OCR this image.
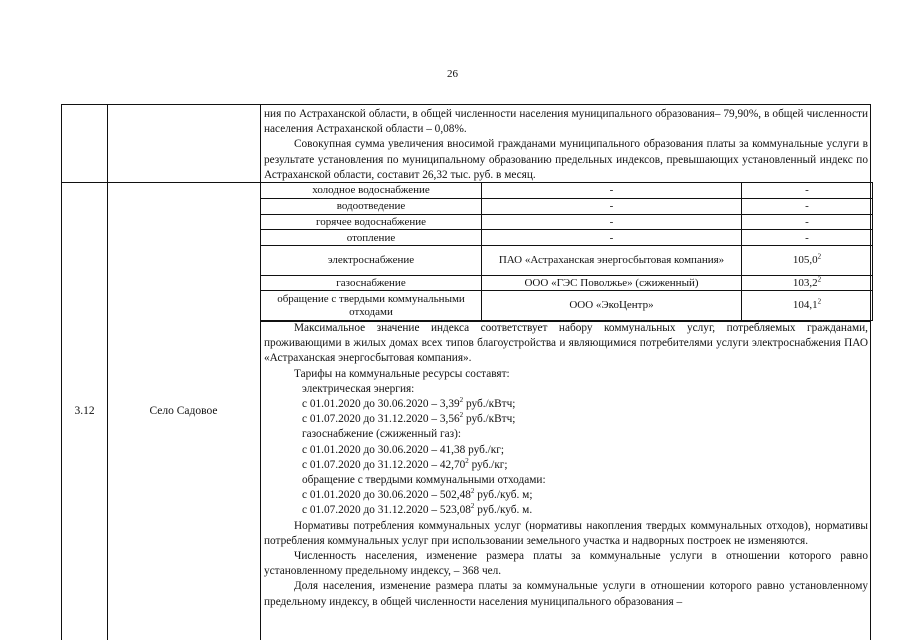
26
ния по Астраханской области, в общей численности населения муниципального образования– 79,90%, в общей численности населения Астраханской области – 0,08%.
Совокупная сумма увеличения вносимой гражданами муниципального образования платы за коммунальные услуги в результате установления по муниципальному образованию предельных индексов, превышающих установленный индекс по Астраханской области, составит 26,32 тыс. руб. в месяц.
3.12	Село Садовое
холодное водоснабжение	-	-
водоотведение	-	-
горячее водоснабжение	-	-
отопление	-	-
электроснабжение	ПАО «Астраханская энергосбытовая компания»	105,0$^2$
газоснабжение	ООО «ГЭС Поволжье» (сжиженный)	103,2$^2$
обращение с твердыми коммунальными отходами	ООО «ЭкоЦентр»	104,1$^2$
Максимальное значение индекса соответствует набору коммунальных услуг, потребляемых гражданами, проживающими в жилых домах всех типов благоустройства и являющимися потребителями услуги электроснабжения ПАО «Астраханская энергосбытовая компания».
Тарифы на коммунальные ресурсы составят:
электрическая энергия:
с 01.01.2020 до 30.06.2020 – 3,39$^2$ руб./кВтч;
с 01.07.2020 до 31.12.2020 – 3,56$^2$ руб./кВтч;
газоснабжение (сжиженный газ):
с 01.01.2020 до 30.06.2020 – 41,38 руб./кг;
с 01.07.2020 до 31.12.2020 – 42,70$^2$ руб./кг;
обращение с твердыми коммунальными отходами:
с 01.01.2020 до 30.06.2020 – 502,48$^2$ руб./куб. м;
с 01.07.2020 до 31.12.2020 – 523,08$^2$ руб./куб. м.
Нормативы потребления коммунальных услуг (нормативы накопления твердых коммунальных отходов), нормативы потребления коммунальных услуг при использовании земельного участка и надворных построек не изменяются.
Численность населения, изменение размера платы за коммунальные услуги в отношении которого равно установленному предельному индексу, – 368 чел.
Доля населения, изменение размера платы за коммунальные услуги в отношении которого равно установленному предельному индексу, в общей численности населения муниципального образования –
